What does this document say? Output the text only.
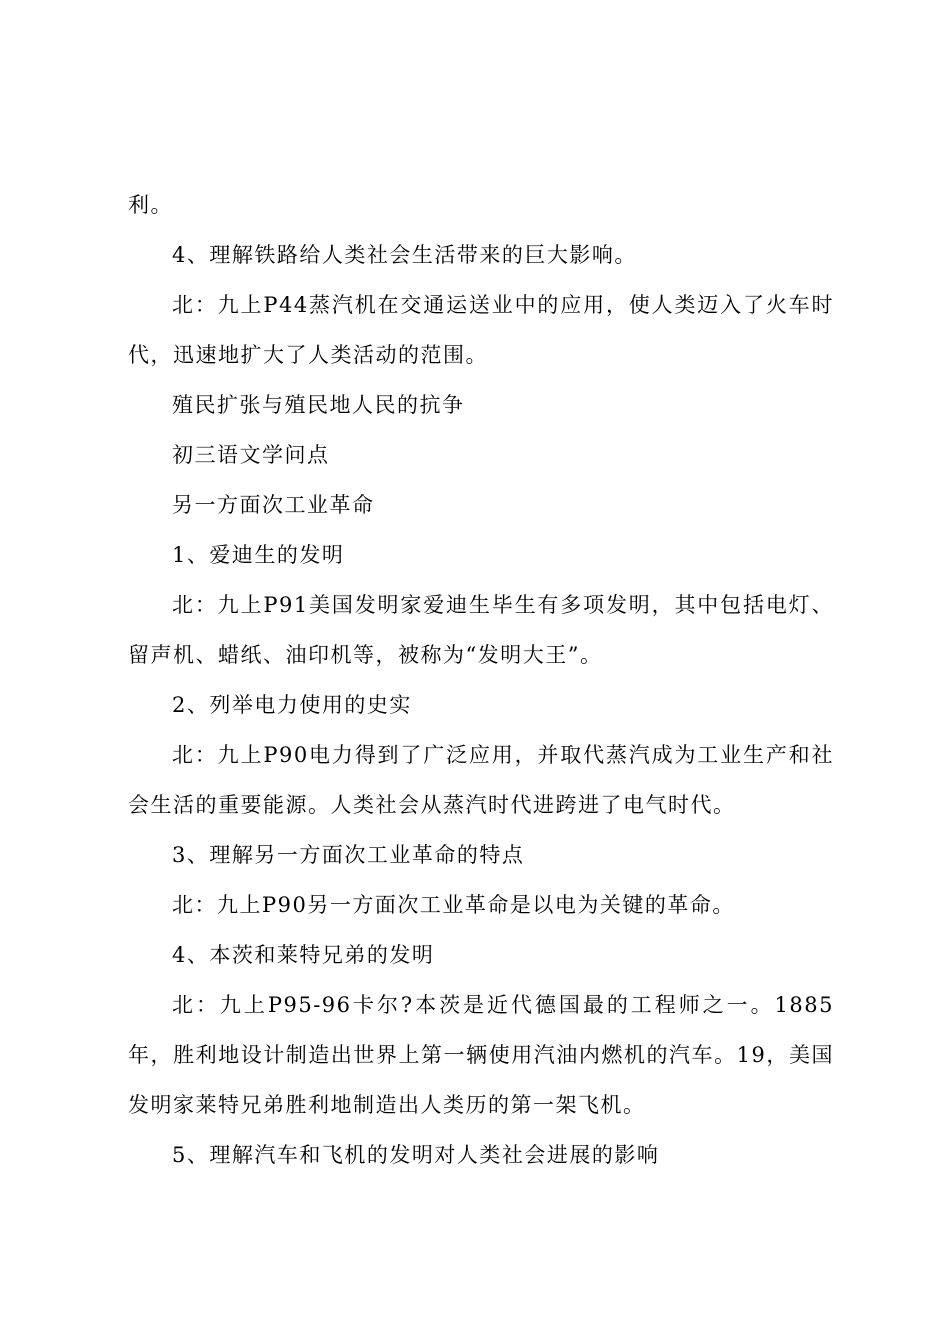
利。
4、理解铁路给人类社会生活带来的巨大影响。
北：九上P44蒸汽机在交通运送业中的应用，使人类迈入了火车时代，迅速地扩大了人类活动的范围。
殖民扩张与殖民地人民的抗争
初三语文学问点
另一方面次工业革命
1、爱迪生的发明
北：九上P91美国发明家爱迪生毕生有多项发明，其中包括电灯、留声机、蜡纸、油印机等，被称为“发明大王”。
2、列举电力使用的史实
北：九上P90电力得到了广泛应用，并取代蒸汽成为工业生产和社会生活的重要能源。人类社会从蒸汽时代进跨进了电气时代。
3、理解另一方面次工业革命的特点
北：九上P90另一方面次工业革命是以电为关键的革命。
4、本茨和莱特兄弟的发明
北：九上P95-96卡尔?本茨是近代德国最的工程师之一。1885年，胜利地设计制造出世界上第一辆使用汽油内燃机的汽车。19，美国发明家莱特兄弟胜利地制造出人类历的第一架飞机。
5、理解汽车和飞机的发明对人类社会进展的影响
